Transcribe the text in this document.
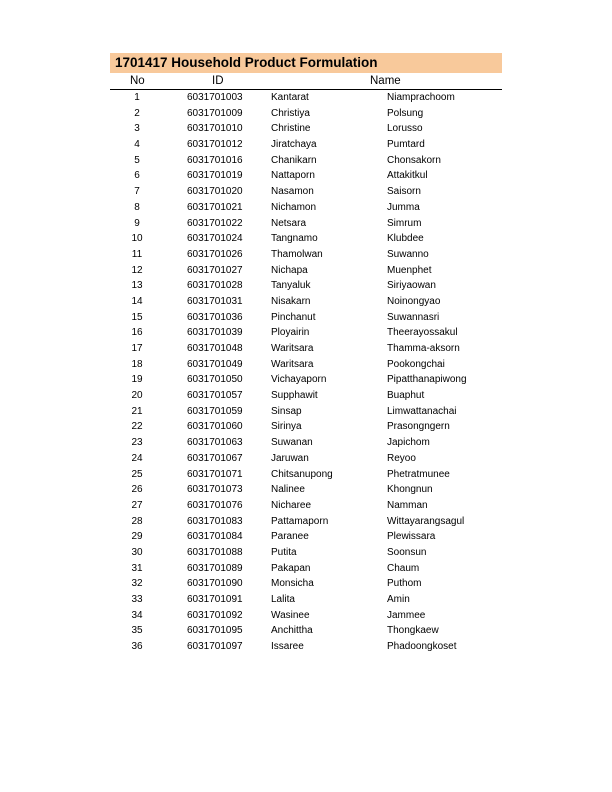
1701417 Household Product Formulation
No	ID	Name
1	6031701003	Kantarat	Niamprachoom
2	6031701009	Christiya	Polsung
3	6031701010	Christine	Lorusso
4	6031701012	Jiratchaya	Pumtard
5	6031701016	Chanikarn	Chonsakorn
6	6031701019	Nattaporn	Attakitkul
7	6031701020	Nasamon	Saisorn
8	6031701021	Nichamon	Jumma
9	6031701022	Netsara	Simrum
10	6031701024	Tangnamo	Klubdee
11	6031701026	Thamolwan	Suwanno
12	6031701027	Nichapa	Muenphet
13	6031701028	Tanyaluk	Siriyaowan
14	6031701031	Nisakarn	Noinongyao
15	6031701036	Pinchanut	Suwannasri
16	6031701039	Ployairin	Theerayossakul
17	6031701048	Waritsara	Thamma-aksorn
18	6031701049	Waritsara	Pookongchai
19	6031701050	Vichayaporn	Pipatthanapiwong
20	6031701057	Supphawit	Buaphut
21	6031701059	Sinsap	Limwattanachai
22	6031701060	Sirinya	Prasongngern
23	6031701063	Suwanan	Japichom
24	6031701067	Jaruwan	Reyoo
25	6031701071	Chitsanupong	Phetratmunee
26	6031701073	Nalinee	Khongnun
27	6031701076	Nicharee	Namman
28	6031701083	Pattamaporn	Wittayarangsagul
29	6031701084	Paranee	Plewissara
30	6031701088	Putita	Soonsun
31	6031701089	Pakapan	Chaum
32	6031701090	Monsicha	Puthom
33	6031701091	Lalita	Amin
34	6031701092	Wasinee	Jammee
35	6031701095	Anchittha	Thongkaew
36	6031701097	Issaree	Phadoongkoset
